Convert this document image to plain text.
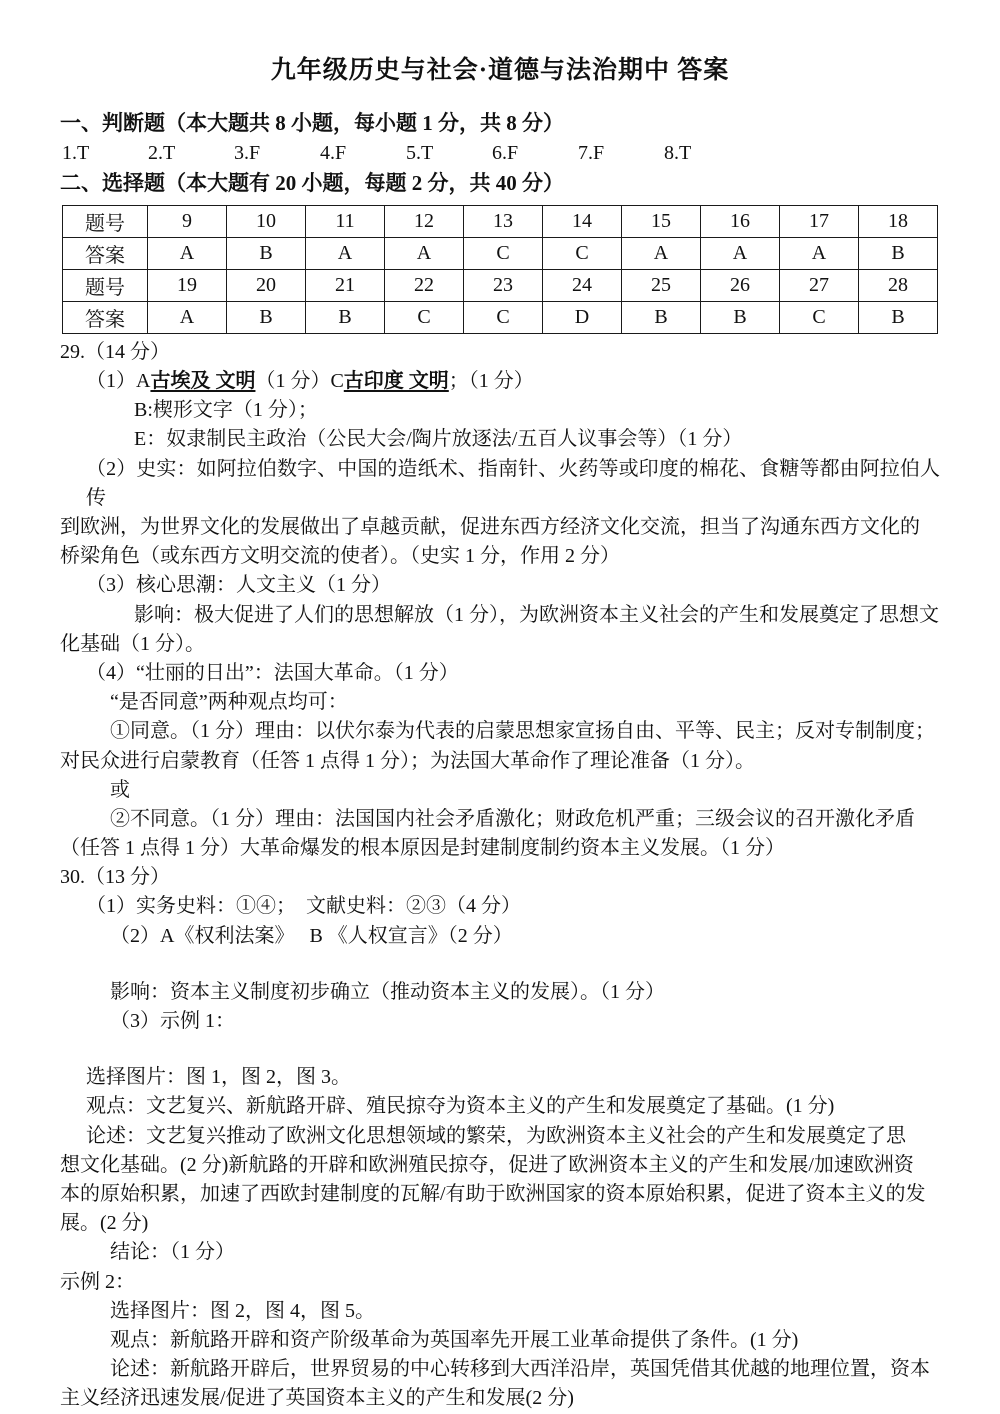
九年级历史与社会·道德与法治期中 答案
一、判断题（本大题共 8 小题，每小题 1 分，共 8 分）
1.T	2.T	3.F	4.F	5.T	6.F	7.F	8.T
二、选择题（本大题有 20 小题，每题 2 分，共 40 分）
题号	9	10	11	12	13	14	15	16	17	18
答案	A	B	A	A	C	C	A	A	A	B
题号	19	20	21	22	23	24	25	26	27	28
答案	A	B	B	C	C	D	B	B	C	B
29.（14 分）
（1）A古埃及 文明（1 分）C古印度 文明；（1 分）
B:楔形文字（1 分）；
E：奴隶制民主政治（公民大会/陶片放逐法/五百人议事会等）（1 分）
（2）史实：如阿拉伯数字、中国的造纸术、指南针、火药等或印度的棉花、食糖等都由阿拉伯人传
到欧洲，为世界文化的发展做出了卓越贡献，促进东西方经济文化交流，担当了沟通东西方文化的
桥梁角色（或东西方文明交流的使者）。（史实 1 分，作用 2 分）
（3）核心思潮：人文主义（1 分）
影响：极大促进了人们的思想解放（1 分），为欧洲资本主义社会的产生和发展奠定了思想文
化基础（1 分）。
（4）“壮丽的日出”：法国大革命。（1 分）
“是否同意”两种观点均可：
①同意。（1 分）理由：以伏尔泰为代表的启蒙思想家宣扬自由、平等、民主；反对专制制度；
对民众进行启蒙教育（任答 1 点得 1 分）；为法国大革命作了理论准备（1 分）。
或
②不同意。（1 分）理由：法国国内社会矛盾激化；财政危机严重；三级会议的召开激化矛盾
（任答 1 点得 1 分）大革命爆发的根本原因是封建制度制约资本主义发展。（1 分）
30.（13 分）
（1）实务史料：①④；  文献史料：②③（4 分）
（2）A《权利法案》　 B 《人权宣言》（2 分）
影响：资本主义制度初步确立（推动资本主义的发展）。（1 分）
（3）示例 1：
选择图片：图 1，图 2，图 3。
观点：文艺复兴、新航路开辟、殖民掠夺为资本主义的产生和发展奠定了基础。(1 分)
论述：文艺复兴推动了欧洲文化思想领域的繁荣，为欧洲资本主义社会的产生和发展奠定了思
想文化基础。(2 分)新航路的开辟和欧洲殖民掠夺，促进了欧洲资本主义的产生和发展/加速欧洲资
本的原始积累，加速了西欧封建制度的瓦解/有助于欧洲国家的资本原始积累，促进了资本主义的发
展。(2 分)
结论：（1 分）
示例 2：
选择图片：图 2，图 4，图 5。
观点：新航路开辟和资产阶级革命为英国率先开展工业革命提供了条件。(1 分)
论述：新航路开辟后，世界贸易的中心转移到大西洋沿岸，英国凭借其优越的地理位置，资本
主义经济迅速发展/促进了英国资本主义的产生和发展(2 分)
